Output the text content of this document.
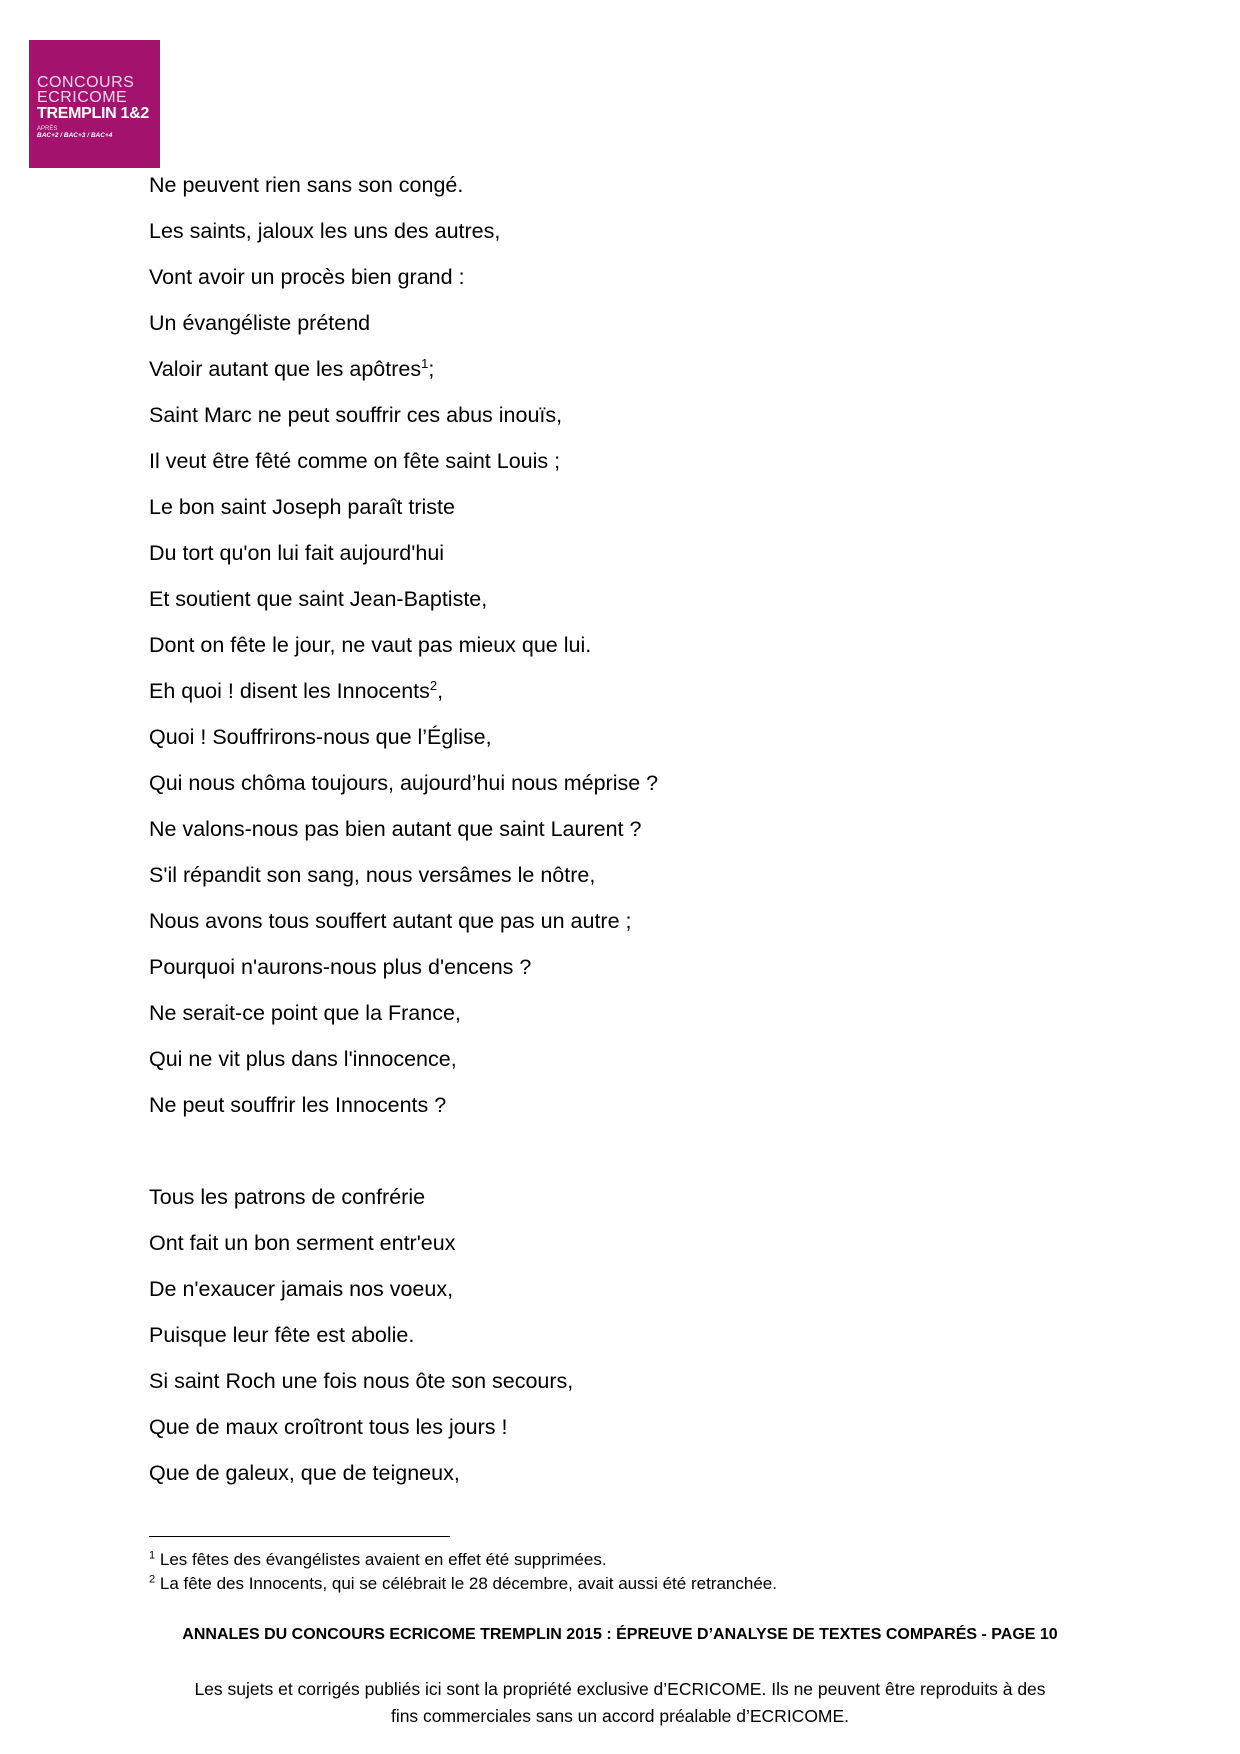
CONCOURS
ECRICOME
TREMPLIN 1&2
APRÈS
BAC+2 / BAC+3 / BAC+4
Ne peuvent rien sans son congé.
Les saints, jaloux les uns des autres,
Vont avoir un procès bien grand :
Un évangéliste prétend
Valoir autant que les apôtres$^1$;
Saint Marc ne peut souffrir ces abus inouïs,
Il veut être fêté comme on fête saint Louis ;
Le bon saint Joseph paraît triste
Du tort qu'on lui fait aujourd'hui
Et soutient que saint Jean-Baptiste,
Dont on fête le jour, ne vaut pas mieux que lui.
Eh quoi ! disent les Innocents$^2$,
Quoi ! Souffrirons-nous que l’Église,
Qui nous chôma toujours, aujourd’hui nous méprise ?
Ne valons-nous pas bien autant que saint Laurent ?
S'il répandit son sang, nous versâmes le nôtre,
Nous avons tous souffert autant que pas un autre ;
Pourquoi n'aurons-nous plus d'encens ?
Ne serait-ce point que la France,
Qui ne vit plus dans l'innocence,
Ne peut souffrir les Innocents ?
Tous les patrons de confrérie
Ont fait un bon serment entr'eux
De n'exaucer jamais nos voeux,
Puisque leur fête est abolie.
Si saint Roch une fois nous ôte son secours,
Que de maux croîtront tous les jours !
Que de galeux, que de teigneux,
$^1$ Les fêtes des évangélistes avaient en effet été supprimées.
$^2$ La fête des Innocents, qui se célébrait le 28 décembre, avait aussi été retranchée.
ANNALES DU CONCOURS ECRICOME TREMPLIN 2015 : ÉPREUVE D’ANALYSE DE TEXTES COMPARÉS - PAGE 10
Les sujets et corrigés publiés ici sont la propriété exclusive d’ECRICOME. Ils ne peuvent être reproduits à des
fins commerciales sans un accord préalable d’ECRICOME.
